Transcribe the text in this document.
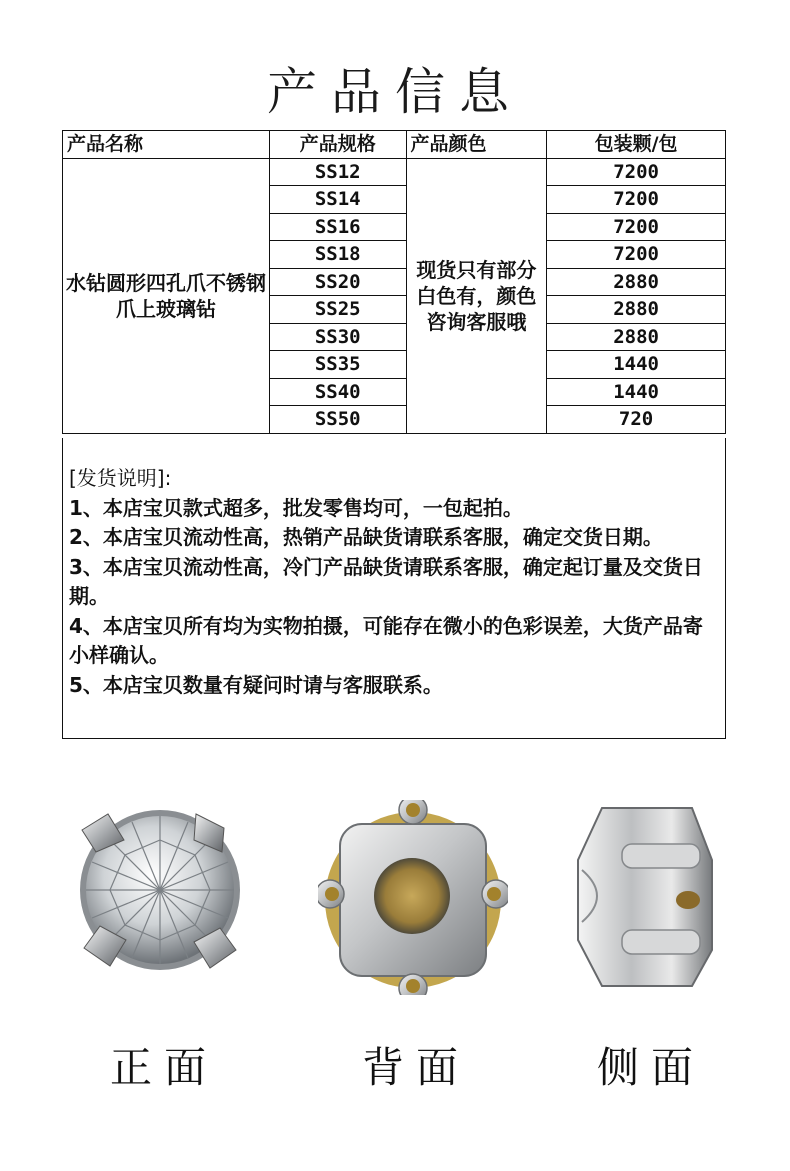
产品信息
产品名称	产品规格	产品颜色	包装颗/包
水钻圆形四孔爪不锈钢爪上玻璃钻	SS12	现货只有部分白色有，颜色咨询客服哦	7200
	SS14		7200
	SS16		7200
	SS18		7200
	SS20		2880
	SS25		2880
	SS30		2880
	SS35		1440
	SS40		1440
	SS50		720

[发货说明]:

1、本店宝贝款式超多，批发零售均可，一包起拍。

2、本店宝贝流动性高，热销产品缺货请联系客服，确定交货日期。

3、本店宝贝流动性高，冷门产品缺货请联系客服，确定起订量及交货日期。

4、本店宝贝所有均为实物拍摄，可能存在微小的色彩误差，大货产品寄小样确认。

5、本店宝贝数量有疑问时请与客服联系。

正面	背面	侧面
